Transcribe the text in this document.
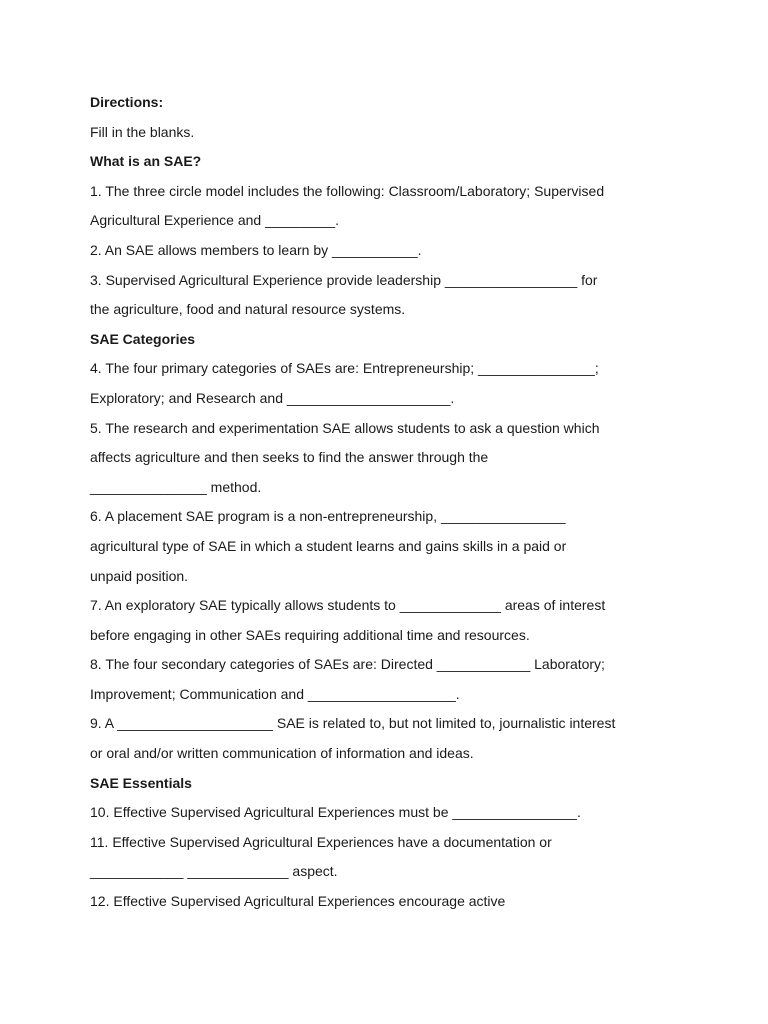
Directions:
Fill in the blanks.
What is an SAE?
1. The three circle model includes the following: Classroom/Laboratory; Supervised
Agricultural Experience and _________.
2. An SAE allows members to learn by ___________.
3. Supervised Agricultural Experience provide leadership _________________ for
the agriculture, food and natural resource systems.
SAE Categories
4. The four primary categories of SAEs are: Entrepreneurship; _______________;
Exploratory; and Research and _____________________.
5. The research and experimentation SAE allows students to ask a question which
affects agriculture and then seeks to find the answer through the
_______________ method.
6. A placement SAE program is a non-entrepreneurship, ________________
agricultural type of SAE in which a student learns and gains skills in a paid or
unpaid position.
7. An exploratory SAE typically allows students to _____________ areas of interest
before engaging in other SAEs requiring additional time and resources.
8. The four secondary categories of SAEs are: Directed ____________ Laboratory;
Improvement; Communication and ___________________.
9. A ____________________ SAE is related to, but not limited to, journalistic interest
or oral and/or written communication of information and ideas.
SAE Essentials
10. Effective Supervised Agricultural Experiences must be ________________.
11. Effective Supervised Agricultural Experiences have a documentation or
____________ _____________ aspect.
12. Effective Supervised Agricultural Experiences encourage active
